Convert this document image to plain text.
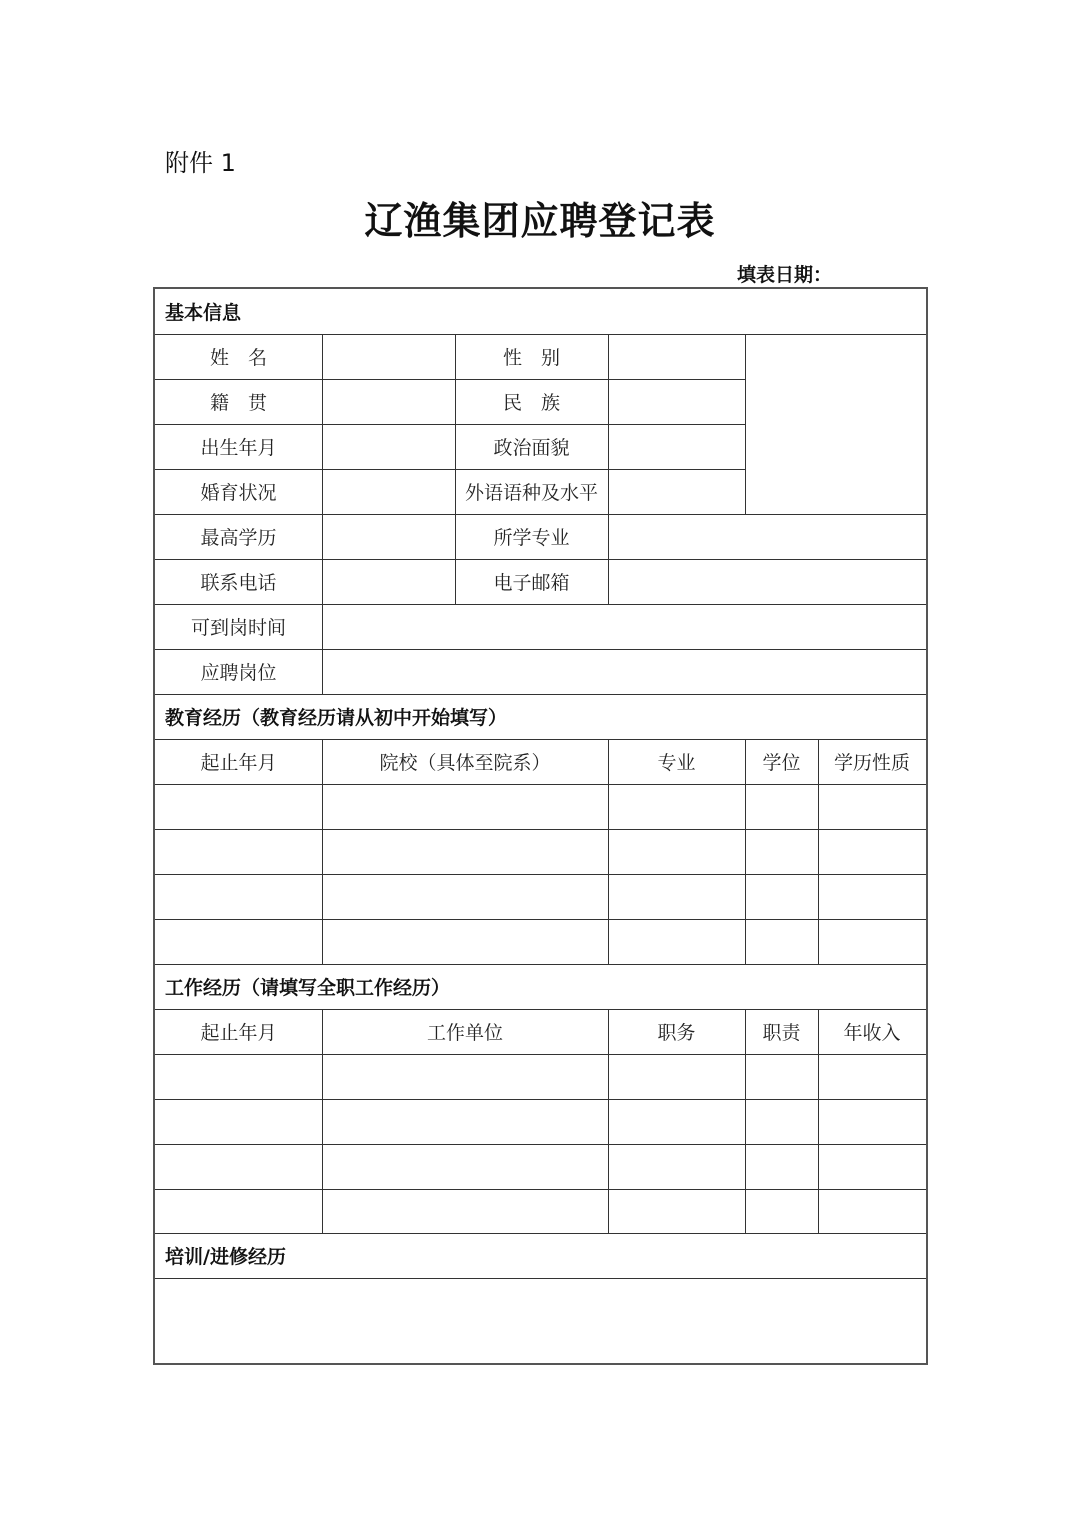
附件 1
辽渔集团应聘登记表
填表日期：
基本信息
姓　名	性　别
籍　贯	民　族
出生年月	政治面貌
婚育状况	外语语种及水平
最高学历	所学专业
联系电话	电子邮箱
可到岗时间
应聘岗位
教育经历（教育经历请从初中开始填写）
起止年月	院校（具体至院系）	专业	学位	学历性质
工作经历（请填写全职工作经历）
起止年月	工作单位	职务	职责	年收入
培训/进修经历
